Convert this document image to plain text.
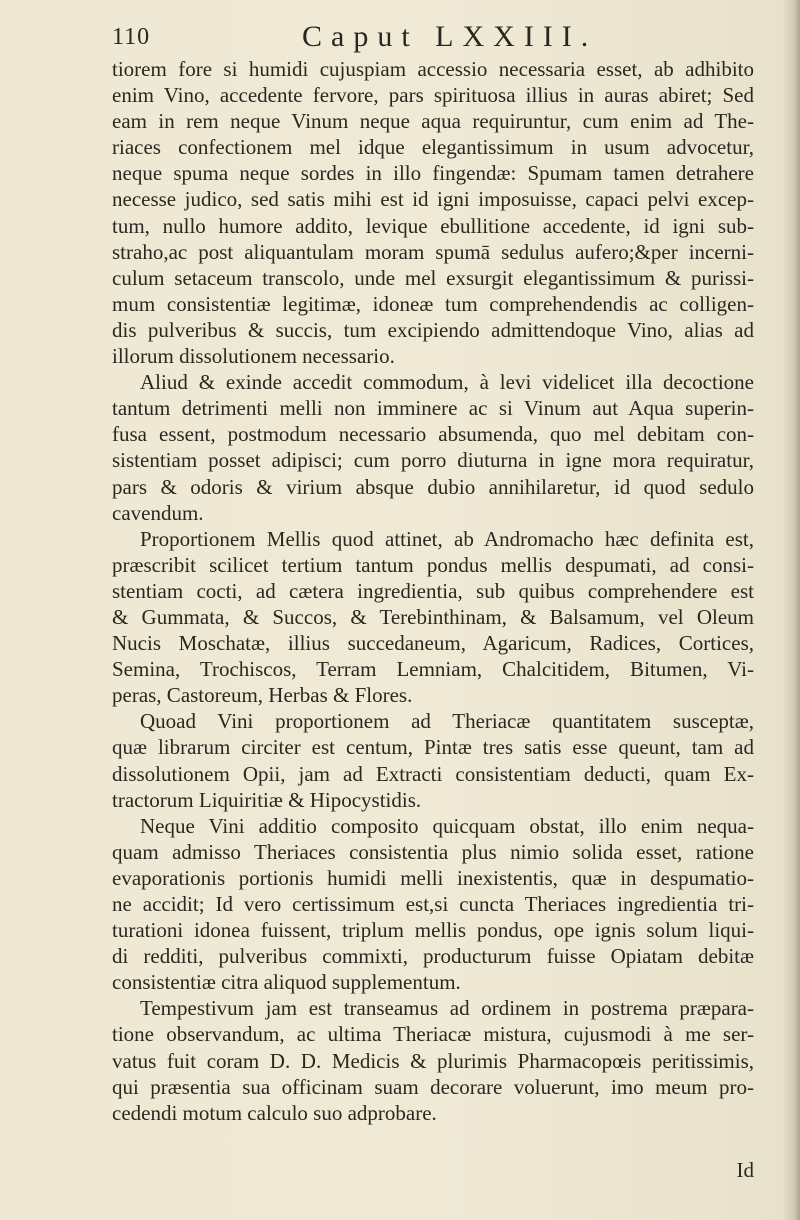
110	Caput LXXIII.
tiorem fore si humidi cujuspiam accessio necessaria esset, ab adhibito
enim Vino, accedente fervore, pars spirituosa illius in auras abiret; Sed
eam in rem neque Vinum neque aqua requiruntur, cum enim ad The-
riaces confectionem mel idque elegantissimum in usum advocetur,
neque spuma neque sordes in illo fingendæ: Spumam tamen detrahere
necesse judico, sed satis mihi est id igni imposuisse, capaci pelvi excep-
tum, nullo humore addito, levique ebullitione accedente, id igni sub-
straho,ac post aliquantulam moram spumā sedulus aufero;&per incerni-
culum setaceum transcolo, unde mel exsurgit elegantissimum & purissi-
mum consistentiæ legitimæ, idoneæ tum comprehendendis ac colligen-
dis pulveribus & succis, tum excipiendo admittendoque Vino, alias ad
illorum dissolutionem necessario.
Aliud & exinde accedit commodum, à levi videlicet illa decoctione
tantum detrimenti melli non imminere ac si Vinum aut Aqua superin-
fusa essent, postmodum necessario absumenda, quo mel debitam con-
sistentiam posset adipisci; cum porro diuturna in igne mora requiratur,
pars & odoris & virium absque dubio annihilaretur, id quod sedulo
cavendum.
Proportionem Mellis quod attinet, ab Andromacho hæc definita est,
præscribit scilicet tertium tantum pondus mellis despumati, ad consi-
stentiam cocti, ad cætera ingredientia, sub quibus comprehendere est
& Gummata, & Succos, & Terebinthinam, & Balsamum, vel Oleum
Nucis Moschatæ, illius succedaneum, Agaricum, Radices, Cortices,
Semina, Trochiscos, Terram Lemniam, Chalcitidem, Bitumen, Vi-
peras, Castoreum, Herbas & Flores.
Quoad Vini proportionem ad Theriacæ quantitatem susceptæ,
quæ librarum circiter est centum, Pintæ tres satis esse queunt, tam ad
dissolutionem Opii, jam ad Extracti consistentiam deducti, quam Ex-
tractorum Liquiritiæ & Hipocystidis.
Neque Vini additio composito quicquam obstat, illo enim nequa-
quam admisso Theriaces consistentia plus nimio solida esset, ratione
evaporationis portionis humidi melli inexistentis, quæ in despumatio-
ne accidit; Id vero certissimum est,si cuncta Theriaces ingredientia tri-
turationi idonea fuissent, triplum mellis pondus, ope ignis solum liqui-
di redditi, pulveribus commixti, producturum fuisse Opiatam debitæ
consistentiæ citra aliquod supplementum.
Tempestivum jam est transeamus ad ordinem in postrema præpara-
tione observandum, ac ultima Theriacæ mistura, cujusmodi à me ser-
vatus fuit coram D. D. Medicis & plurimis Pharmacopœis peritissimis,
qui præsentia sua officinam suam decorare voluerunt, imo meum pro-
cedendi motum calculo suo adprobare.
Id
